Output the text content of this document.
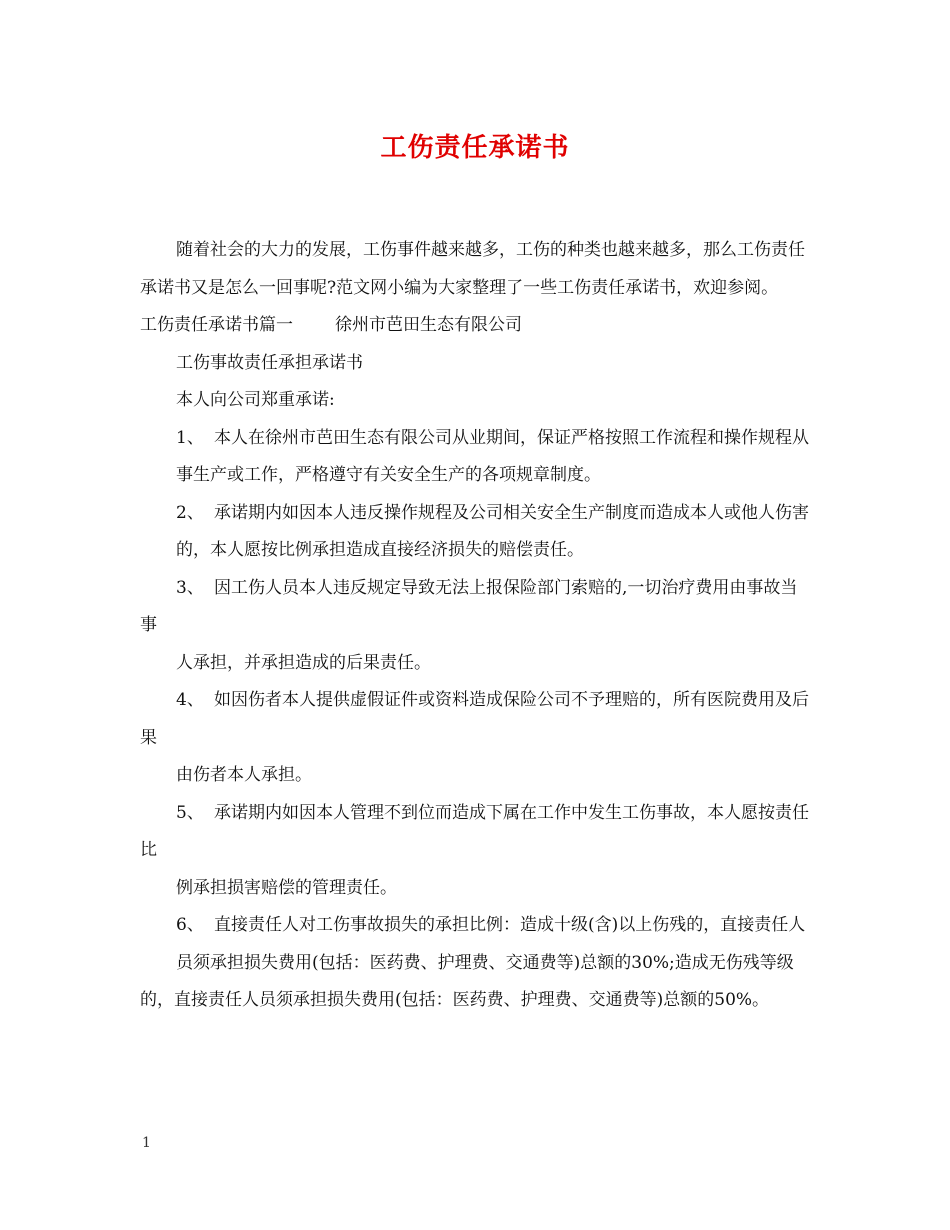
工伤责任承诺书

随着社会的大力的发展，工伤事件越来越多，工伤的种类也越来越多，那么工伤责任承诺书又是怎么一回事呢?范文网小编为大家整理了一些工伤责任承诺书，欢迎参阅。

工伤责任承诺书篇一 徐州市芭田生态有限公司

工伤事故责任承担承诺书

本人向公司郑重承诺:

1、 本人在徐州市芭田生态有限公司从业期间，保证严格按照工作流程和操作规程从

事生产或工作，严格遵守有关安全生产的各项规章制度。

2、 承诺期内如因本人违反操作规程及公司相关安全生产制度而造成本人或他人伤害

的，本人愿按比例承担造成直接经济损失的赔偿责任。

3、 因工伤人员本人违反规定导致无法上报保险部门索赔的,一切治疗费用由事故当事

人承担，并承担造成的后果责任。

4、 如因伤者本人提供虚假证件或资料造成保险公司不予理赔的，所有医院费用及后果

由伤者本人承担。

5、 承诺期内如因本人管理不到位而造成下属在工作中发生工伤事故，本人愿按责任比

例承担损害赔偿的管理责任。

6、 直接责任人对工伤事故损失的承担比例：造成十级(含)以上伤残的，直接责任人

员须承担损失费用(包括：医药费、护理费、交通费等)总额的30%;造成无伤残等级的，直接责任人员须承担损失费用(包括：医药费、护理费、交通费等)总额的50%。

1
